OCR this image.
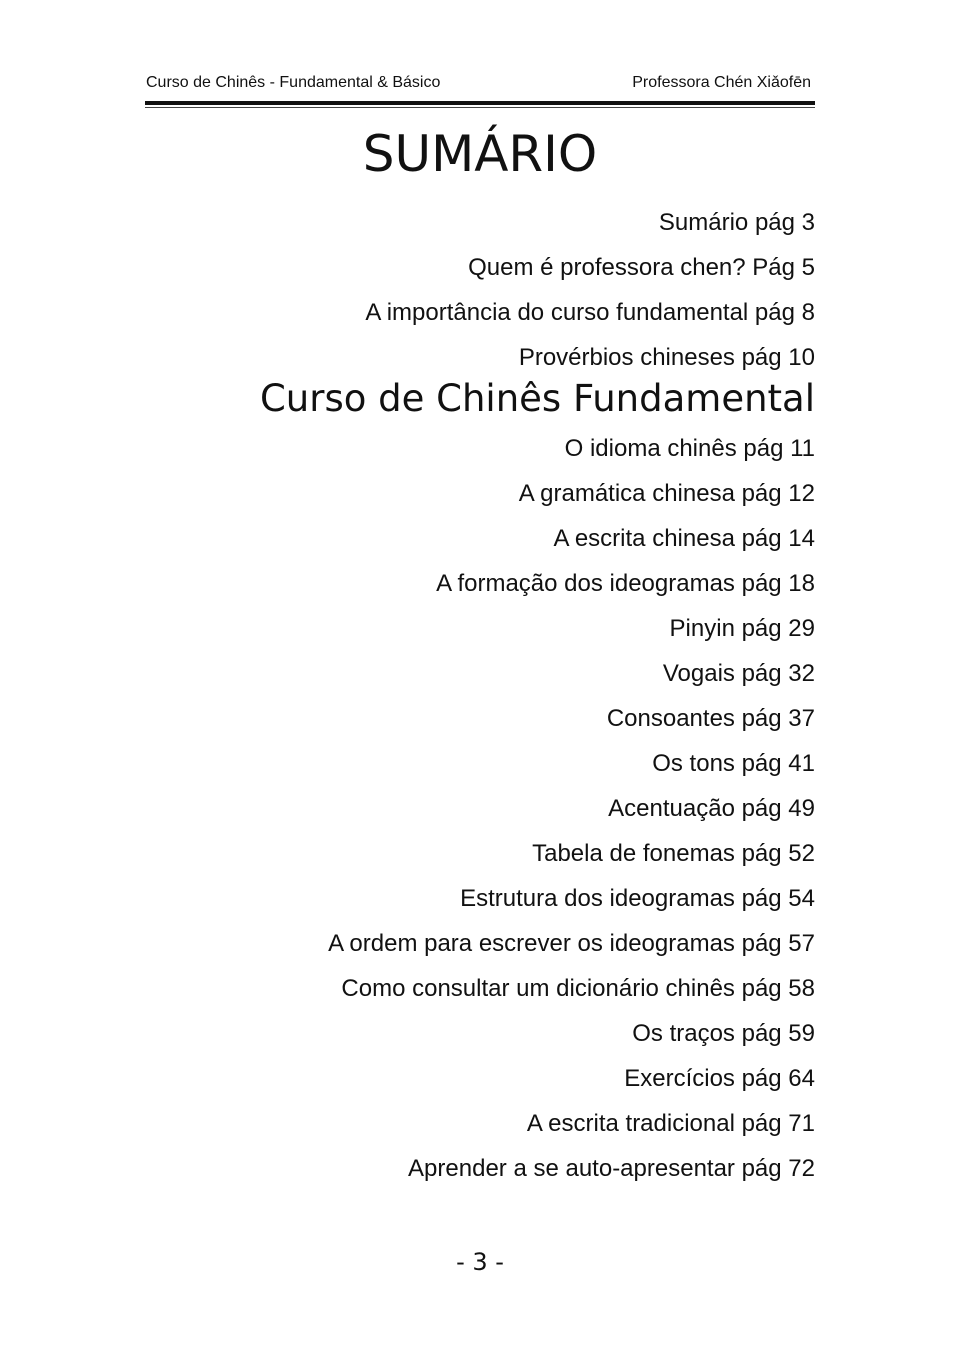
Curso de Chinês - Fundamental & Básico	Professora Chén Xiǎofēn
SUMÁRIO
Sumário pág 3
Quem é professora chen? Pág 5
A importância do curso fundamental pág 8
Provérbios chineses pág 10
Curso de Chinês Fundamental
O idioma chinês pág 11
A gramática chinesa pág 12
A escrita chinesa pág 14
A formação dos ideogramas pág 18
Pinyin pág 29
Vogais pág 32
Consoantes pág 37
Os tons pág 41
Acentuação pág 49
Tabela de fonemas pág 52
Estrutura dos ideogramas pág 54
A ordem para escrever os ideogramas pág 57
Como consultar um dicionário chinês pág 58
Os traços pág 59
Exercícios pág 64
A escrita tradicional pág 71
Aprender a se auto-apresentar pág 72
- 3 -
